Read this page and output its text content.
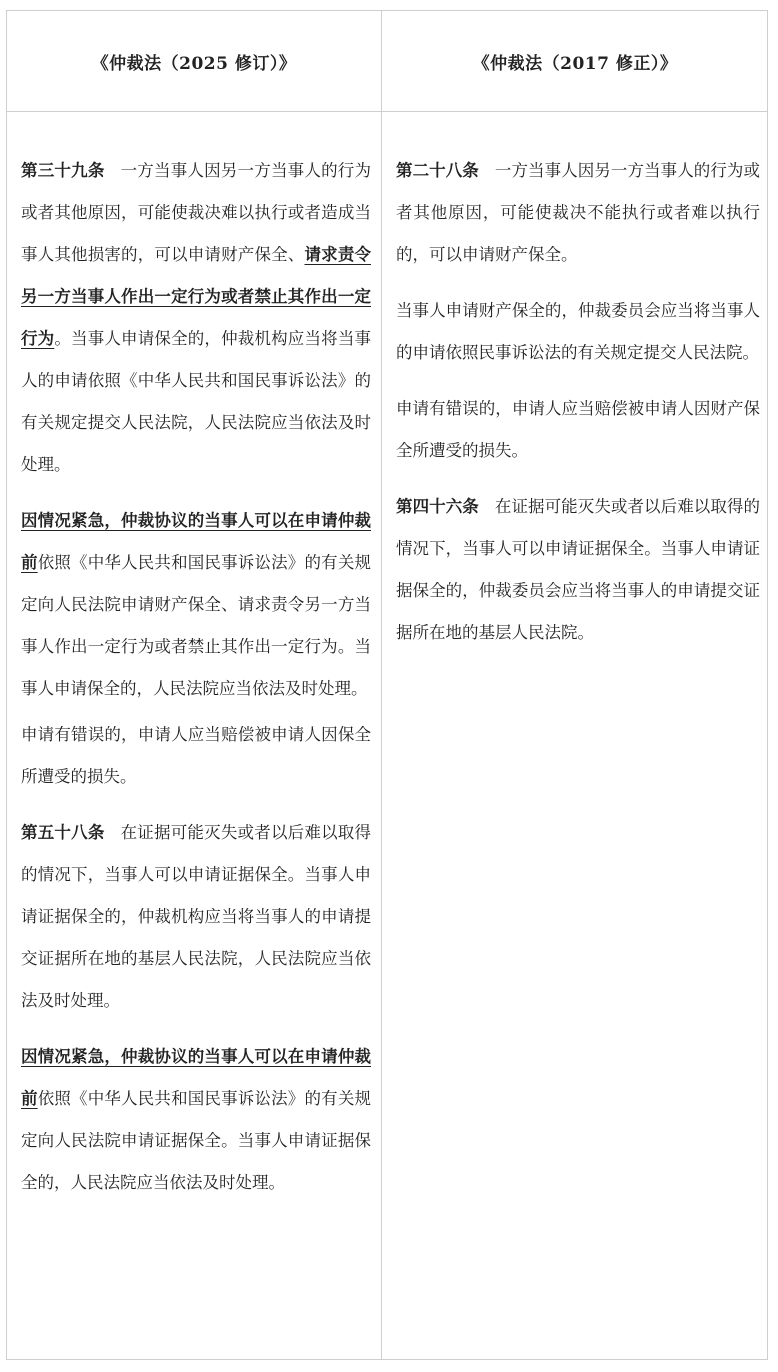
《仲裁法（2025 修订）》	《仲裁法（2017 修正）》

第三十九条 一方当事人因另一方当事人的行为或者其他原因，可能使裁决难以执行或者造成当事人其他损害的，可以申请财产保全、请求责令另一方当事人作出一定行为或者禁止其作出一定行为。当事人申请保全的，仲裁机构应当将当事人的申请依照《中华人民共和国民事诉讼法》的有关规定提交人民法院，人民法院应当依法及时处理。

因情况紧急，仲裁协议的当事人可以在申请仲裁前依照《中华人民共和国民事诉讼法》的有关规定向人民法院申请财产保全、请求责令另一方当事人作出一定行为或者禁止其作出一定行为。当事人申请保全的，人民法院应当依法及时处理。

申请有错误的，申请人应当赔偿被申请人因保全所遭受的损失。

第五十八条 在证据可能灭失或者以后难以取得的情况下，当事人可以申请证据保全。当事人申请证据保全的，仲裁机构应当将当事人的申请提交证据所在地的基层人民法院，人民法院应当依法及时处理。

因情况紧急，仲裁协议的当事人可以在申请仲裁前依照《中华人民共和国民事诉讼法》的有关规定向人民法院申请证据保全。当事人申请证据保全的，人民法院应当依法及时处理。

第二十八条 一方当事人因另一方当事人的行为或者其他原因，可能使裁决不能执行或者难以执行的，可以申请财产保全。

当事人申请财产保全的，仲裁委员会应当将当事人的申请依照民事诉讼法的有关规定提交人民法院。

申请有错误的，申请人应当赔偿被申请人因财产保全所遭受的损失。

第四十六条 在证据可能灭失或者以后难以取得的情况下，当事人可以申请证据保全。当事人申请证据保全的，仲裁委员会应当将当事人的申请提交证据所在地的基层人民法院。
